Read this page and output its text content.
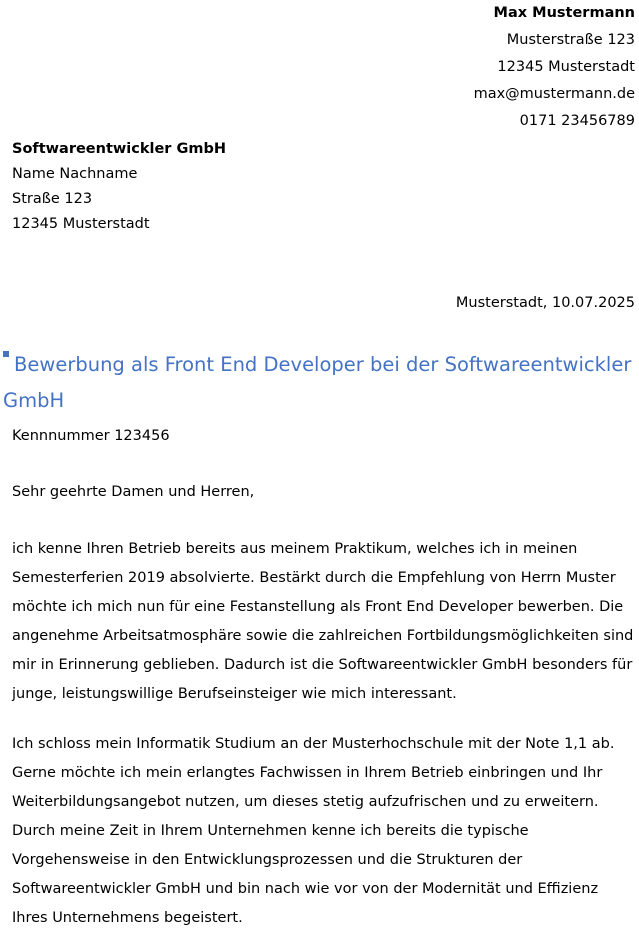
Max Mustermann
Musterstraße 123
12345 Musterstadt
max@mustermann.de
0171 23456789
Softwareentwickler GmbH
Name Nachname
Straße 123
12345 Musterstadt
Musterstadt, 10.07.2025
Bewerbung als Front End Developer bei der Softwareentwickler GmbH
Kennnummer 123456
Sehr geehrte Damen und Herren,

ich kenne Ihren Betrieb bereits aus meinem Praktikum, welches ich in meinen Semesterferien 2019 absolvierte. Bestärkt durch die Empfehlung von Herrn Muster möchte ich mich nun für eine Festanstellung als Front End Developer bewerben. Die angenehme Arbeitsatmosphäre sowie die zahlreichen Fortbildungsmöglichkeiten sind mir in Erinnerung geblieben. Dadurch ist die Softwareentwickler GmbH besonders für junge, leistungswillige Berufseinsteiger wie mich interessant.

Ich schloss mein Informatik Studium an der Musterhochschule mit der Note 1,1 ab. Gerne möchte ich mein erlangtes Fachwissen in Ihrem Betrieb einbringen und Ihr Weiterbildungsangebot nutzen, um dieses stetig aufzufrischen und zu erweitern. Durch meine Zeit in Ihrem Unternehmen kenne ich bereits die typische Vorgehensweise in den Entwicklungsprozessen und die Strukturen der Softwareentwickler GmbH und bin nach wie vor von der Modernität und Effizienz Ihres Unternehmens begeistert.
